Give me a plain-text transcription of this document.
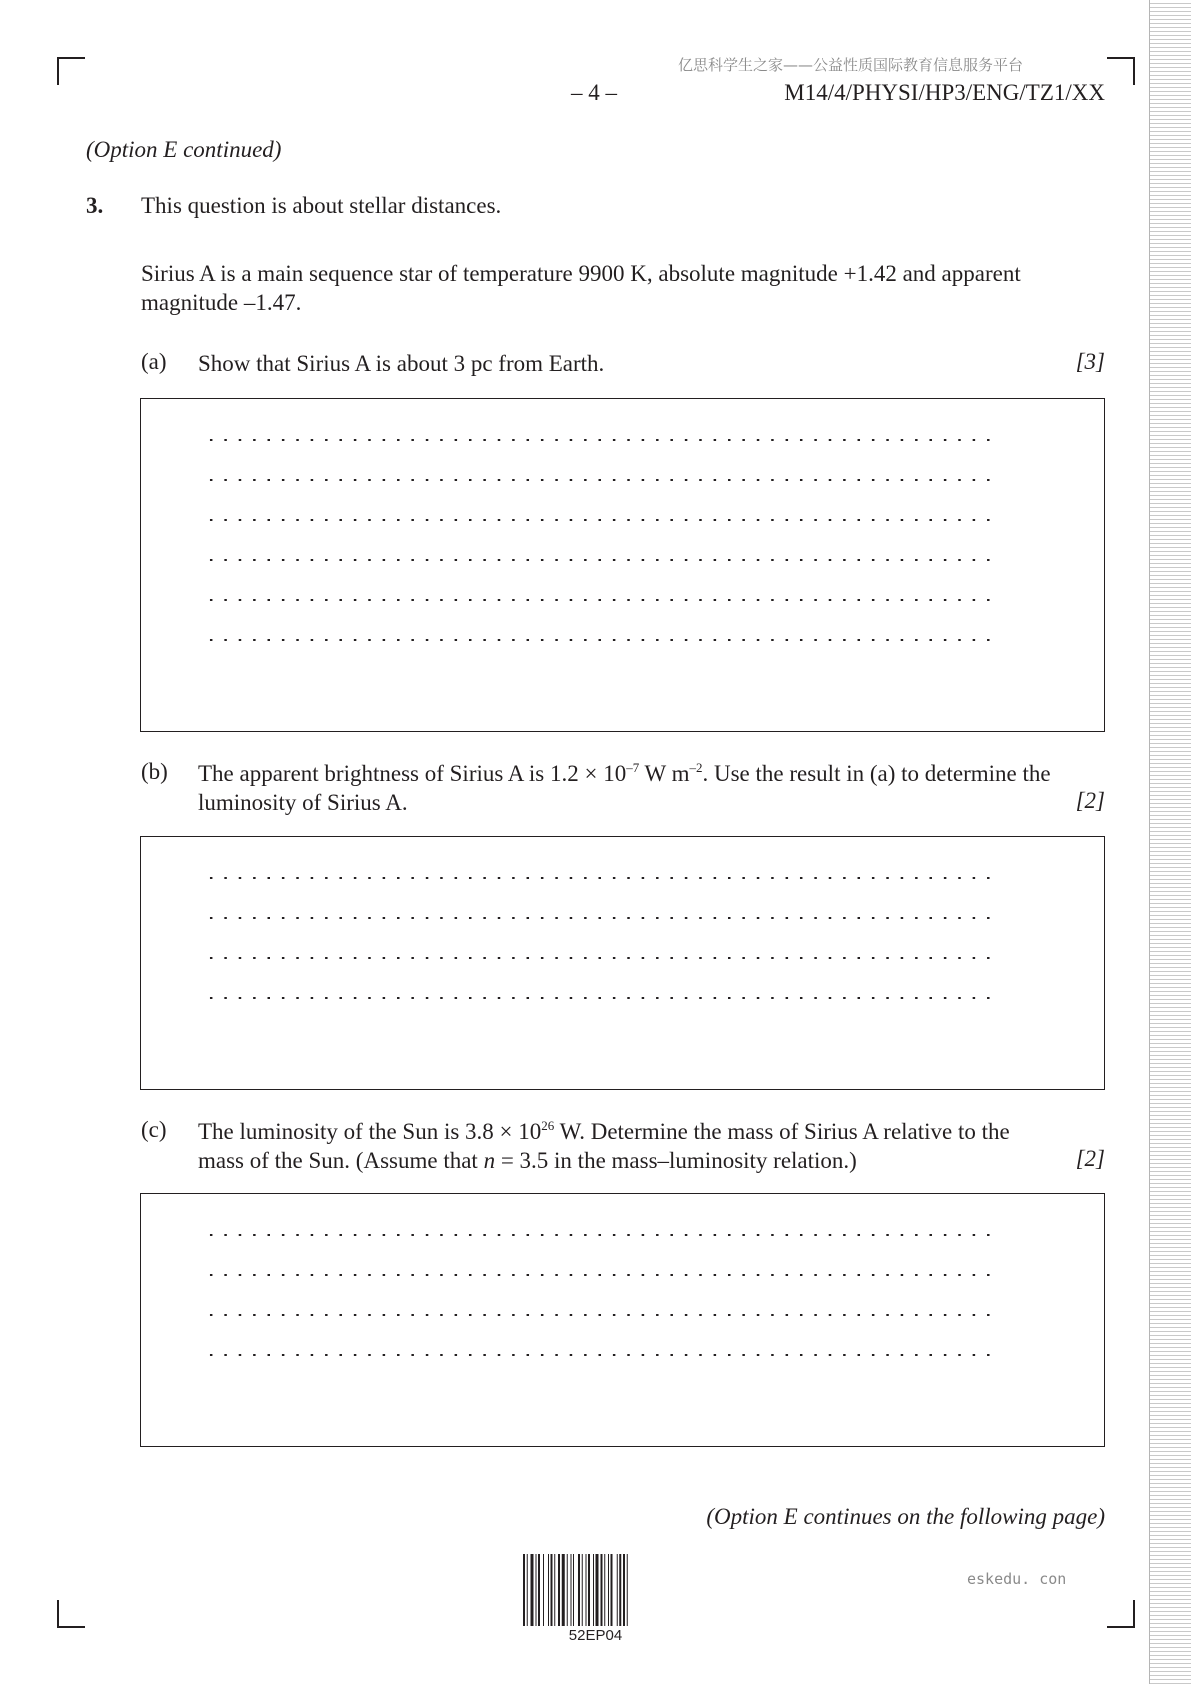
亿思科学生之家——公益性质国际教育信息服务平台
– 4 –	M14/4/PHYSI/HP3/ENG/TZ1/XX
(Option E continued)
3. This question is about stellar distances.
Sirius A is a main sequence star of temperature 9900 K, absolute magnitude +1.42 and apparent magnitude –1.47.
(a) Show that Sirius A is about 3 pc from Earth.	[3]
(b) The apparent brightness of Sirius A is $1.2 \times 10^{-7}$ W $m^{-2}$. Use the result in (a) to determine the luminosity of Sirius A.	[2]
(c) The luminosity of the Sun is $3.8 \times 10^{26}$ W. Determine the mass of Sirius A relative to the mass of the Sun. (Assume that n = 3.5 in the mass–luminosity relation.)	[2]
(Option E continues on the following page)
52EP04
eskedu. con
